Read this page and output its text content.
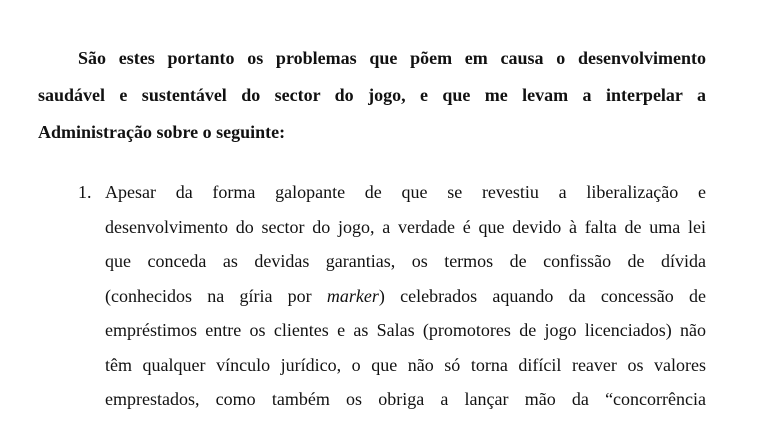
São estes portanto os problemas que põem em causa o desenvolvimento
saudável e sustentável do sector do jogo, e que me levam a interpelar a
Administração sobre o seguinte:
1. Apesar da forma galopante de que se revestiu a liberalização e
desenvolvimento do sector do jogo, a verdade é que devido à falta de uma lei
que conceda as devidas garantias, os termos de confissão de dívida
(conhecidos na gíria por marker) celebrados aquando da concessão de
empréstimos entre os clientes e as Salas (promotores de jogo licenciados) não
têm qualquer vínculo jurídico, o que não só torna difícil reaver os valores
emprestados, como também os obriga a lançar mão da “concorrência
